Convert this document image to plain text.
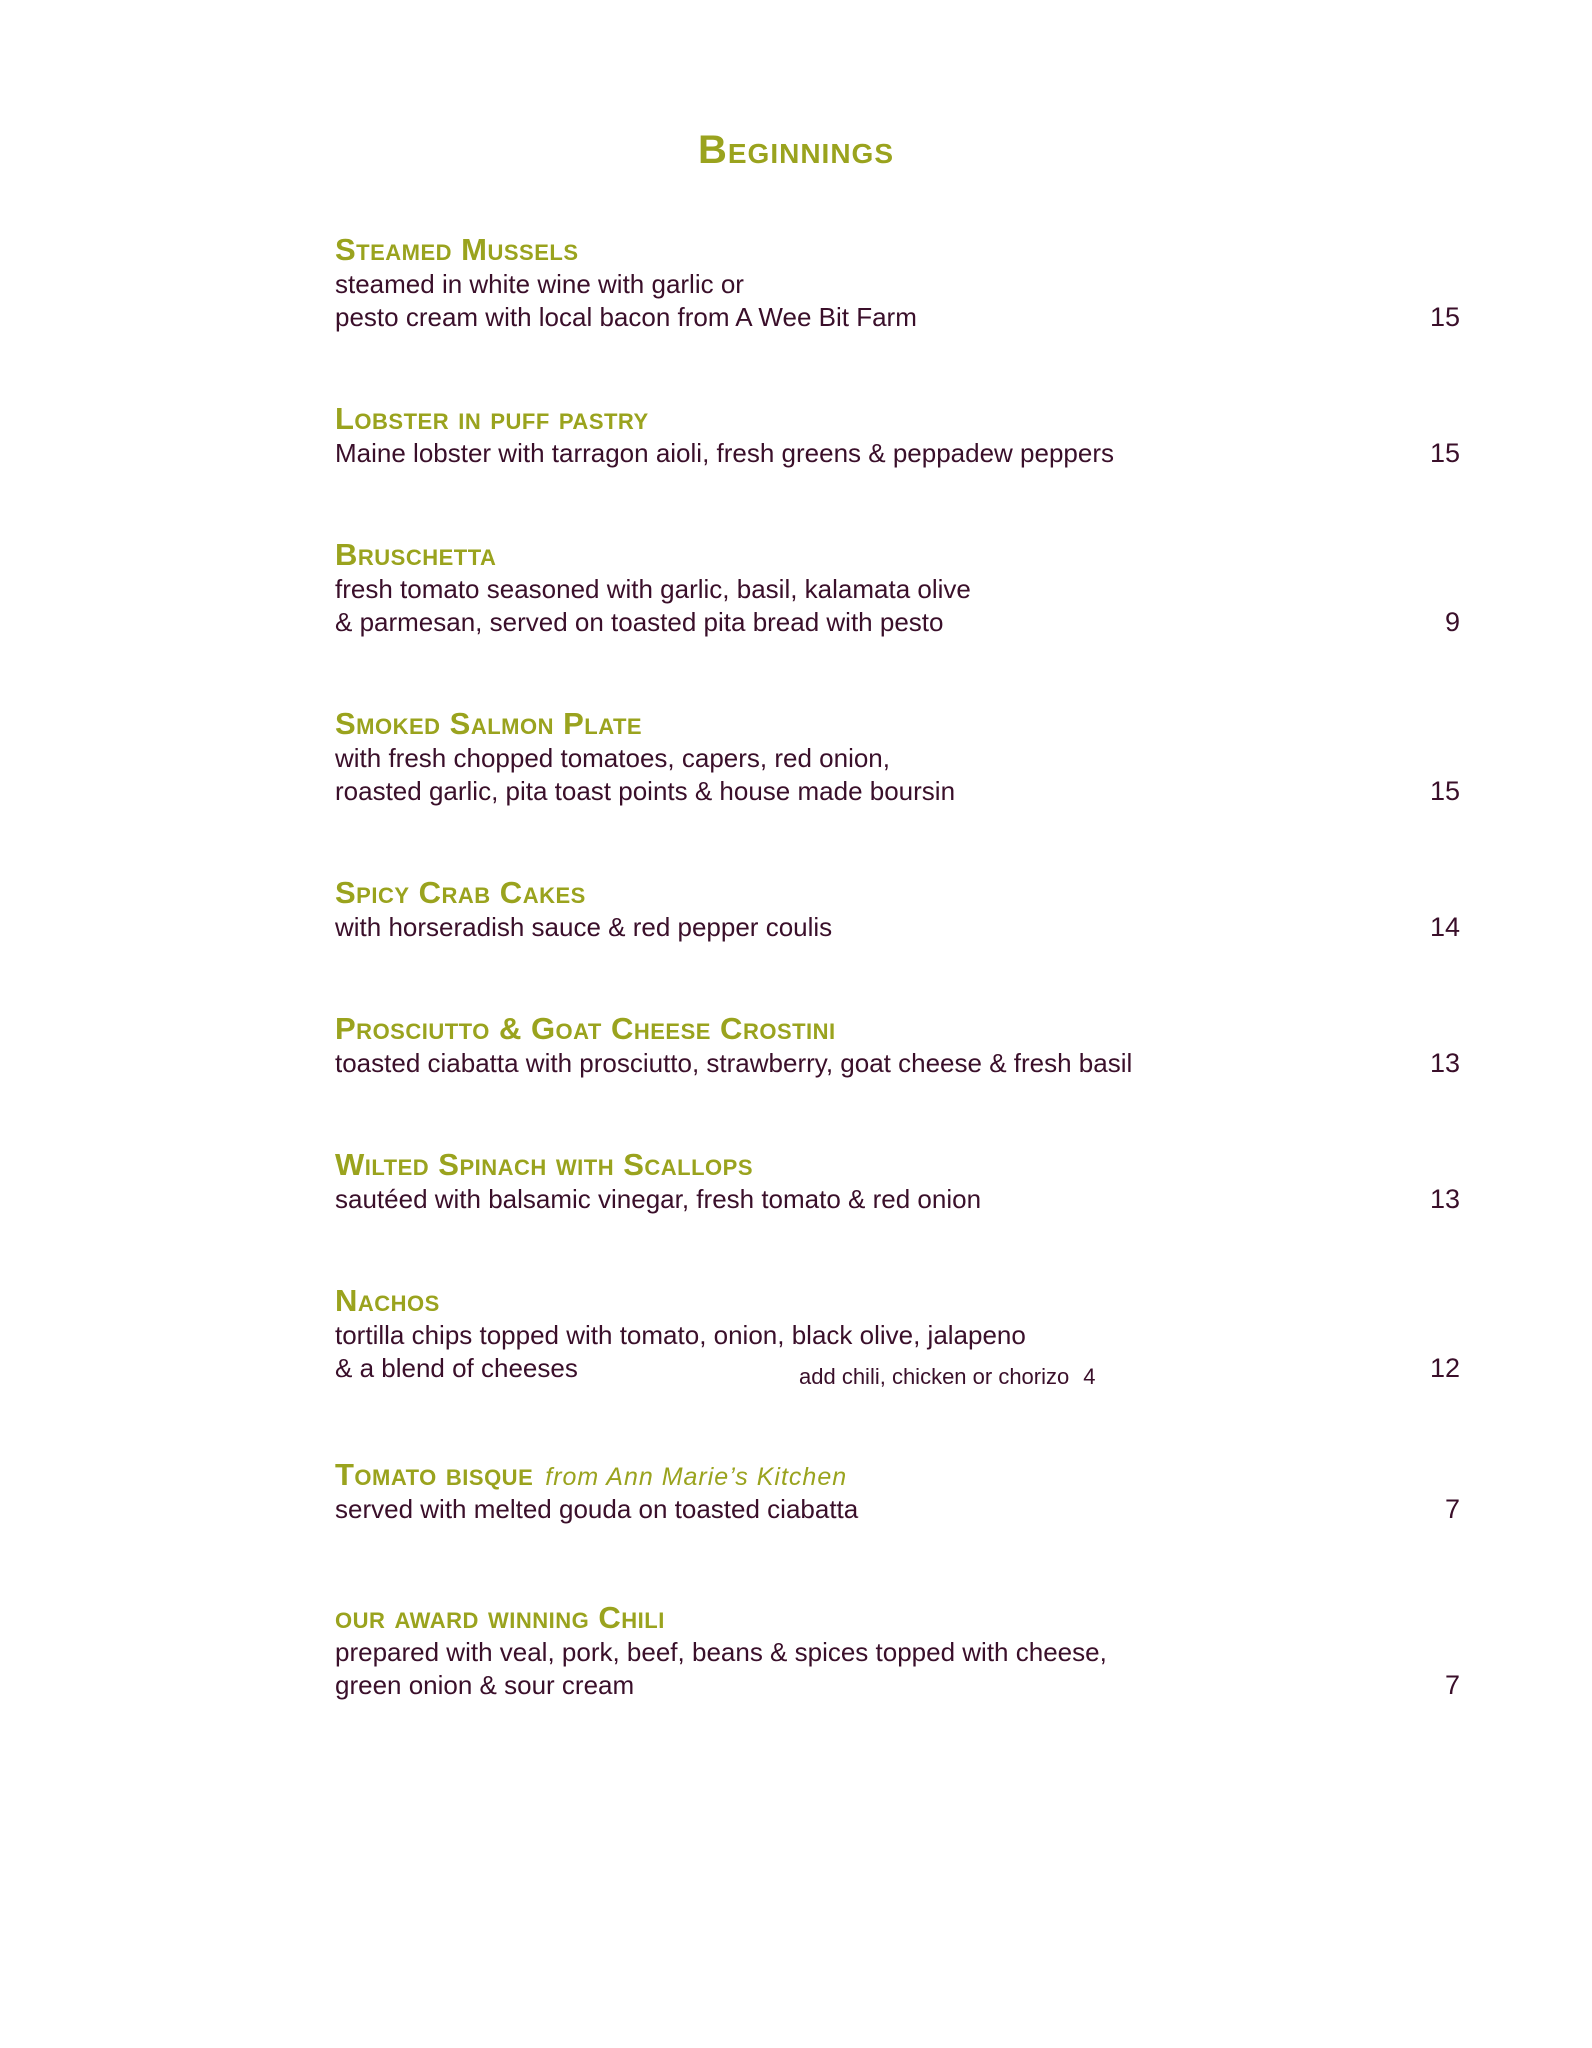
Beginnings
Steamed Mussels
steamed in white wine with garlic or
pesto cream with local bacon from A Wee Bit Farm	15
Lobster in puff pastry
Maine lobster with tarragon aioli, fresh greens & peppadew peppers	15
Bruschetta
fresh tomato seasoned with garlic, basil, kalamata olive
& parmesan, served on toasted pita bread with pesto	9
Smoked Salmon Plate
with fresh chopped tomatoes, capers, red onion,
roasted garlic, pita toast points & house made boursin	15
Spicy Crab Cakes
with horseradish sauce & red pepper coulis	14
Prosciutto & Goat Cheese Crostini
toasted ciabatta with prosciutto, strawberry, goat cheese & fresh basil	13
Wilted Spinach with Scallops
sautéed with balsamic vinegar, fresh tomato & red onion	13
Nachos
tortilla chips topped with tomato, onion, black olive, jalapeno
& a blend of cheeses	add chili, chicken or chorizo 4	12
Tomato bisque from Ann Marie’s Kitchen
served with melted gouda on toasted ciabatta	7
our award winning Chili
prepared with veal, pork, beef, beans & spices topped with cheese,
green onion & sour cream	7
